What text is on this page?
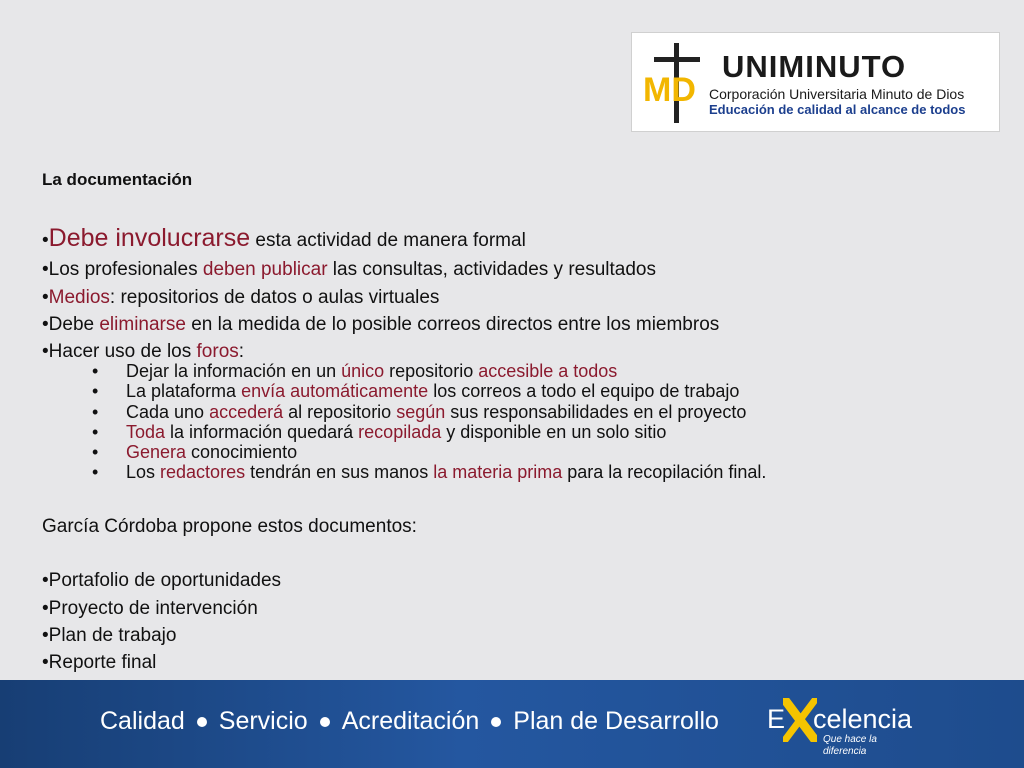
MD
UNIMINUTO
Corporación Universitaria Minuto de Dios
Educación de calidad al alcance de todos
La documentación
•Debe involucrarse esta actividad de manera formal
•Los profesionales deben publicar las consultas, actividades y resultados
•Medios: repositorios de datos o aulas virtuales
•Debe eliminarse en la medida de lo posible correos directos entre los miembros
•Hacer uso de los foros:
• Dejar la información en un único repositorio accesible a todos
• La plataforma envía automáticamente los correos a todo el equipo de trabajo
• Cada uno accederá al repositorio según sus responsabilidades en el proyecto
• Toda la información quedará recopilada y disponible en un solo sitio
• Genera conocimiento
• Los redactores tendrán en sus manos la materia prima para la recopilación final.
García Córdoba propone estos documentos:
•Portafolio de oportunidades
•Proyecto de intervención
•Plan de trabajo
•Reporte final
Calidad Servicio Acreditación Plan de Desarrollo E celencia
Que hace la diferencia
